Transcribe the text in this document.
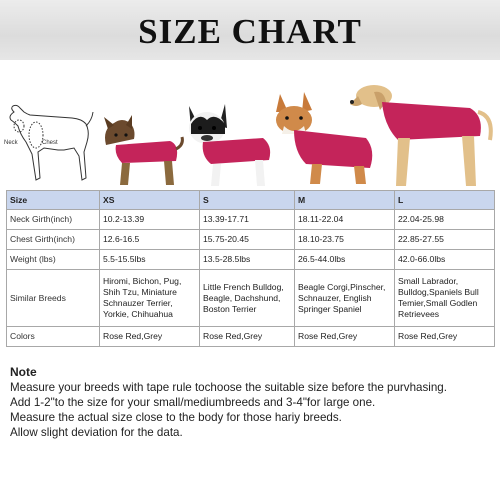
SIZE CHART
Neck	Chest
Size	XS	S	M	L
Neck Girth(inch)	10.2-13.39	13.39-17.71	18.11-22.04	22.04-25.98
Chest Girth(inch)	12.6-16.5	15.75-20.45	18.10-23.75	22.85-27.55
Weight (lbs)	5.5-15.5lbs	13.5-28.5lbs	26.5-44.0lbs	42.0-66.0lbs
Similar Breeds	Hiromi, Bichon, Pug, Shih Tzu, Miniature Schnauzer Terrier, Yorkie, Chihuahua	Little French Bulldog, Beagle, Dachshund, Boston Terrier	Beagle Corgi,Pinscher, Schnauzer, English Springer Spaniel	Small Labrador, Bulldog,Spaniels Bull Temier,Small Godlen Retrievees
Colors	Rose Red,Grey	Rose Red,Grey	Rose Red,Grey	Rose Red,Grey
Note
Measure your breeds with tape rule tochoose the suitable size before the purvhasing.
Add 1-2"to the size for your small/mediumbreeds and 3-4"for large one.
Measure the actual size close to the body for those hariy breeds.
Allow slight deviation for the data.
